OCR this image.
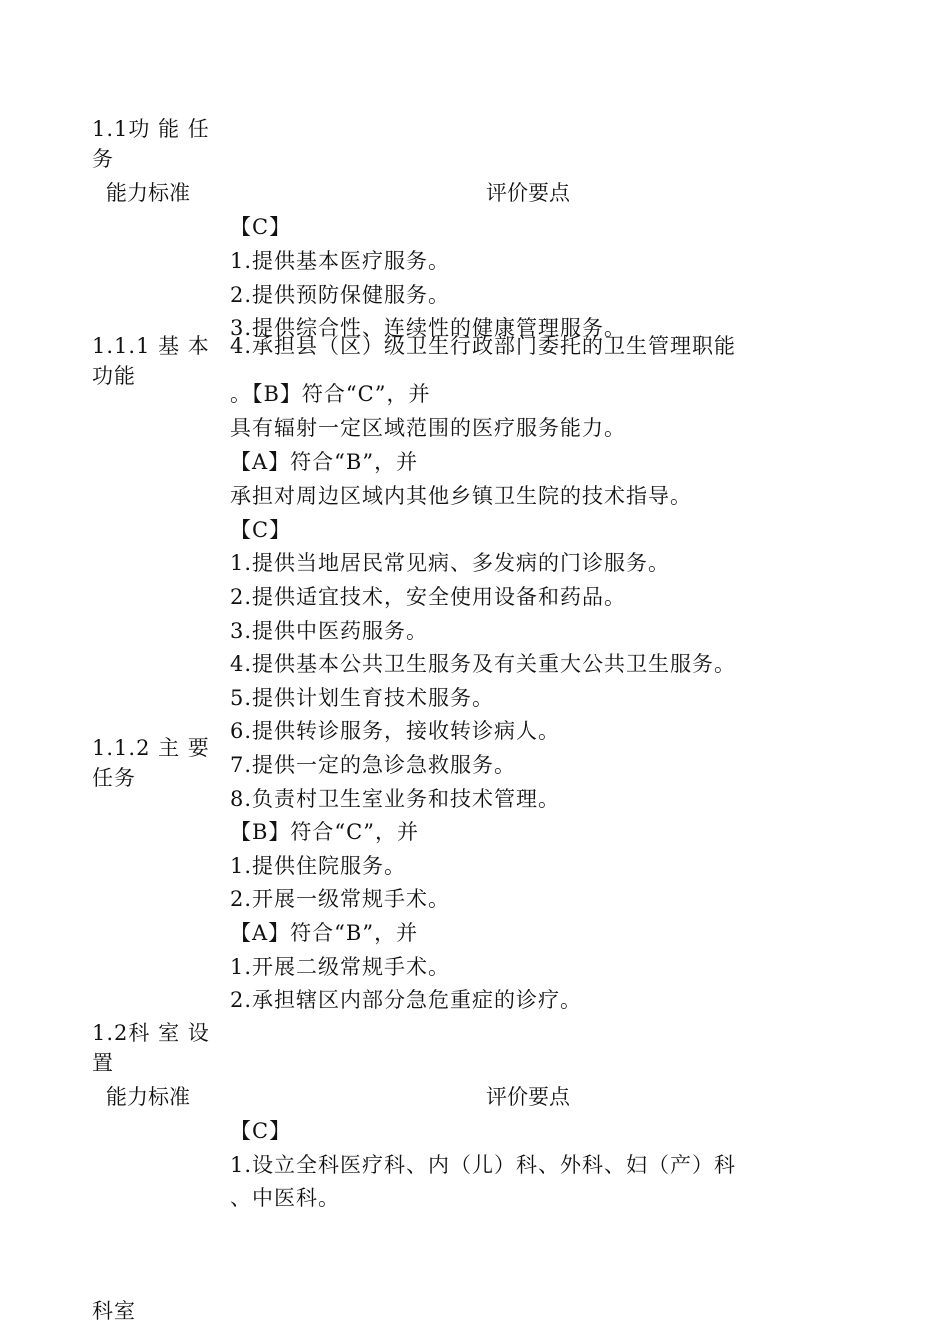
1.1功 能 任
务
能力标准	评价要点
1.1.1 基 本
功能
【C】
1.提供基本医疗服务。
2.提供预防保健服务。
3.提供综合性、连续性的健康管理服务。
4.承担县（区）级卫生行政部门委托的卫生管理职能
。【B】符合“C”，并
具有辐射一定区域范围的医疗服务能力。
【A】符合“B”，并
承担对周边区域内其他乡镇卫生院的技术指导。
1.1.2 主 要
任务
【C】
1.提供当地居民常见病、多发病的门诊服务。
2.提供适宜技术，安全使用设备和药品。
3.提供中医药服务。
4.提供基本公共卫生服务及有关重大公共卫生服务。
5.提供计划生育技术服务。
6.提供转诊服务，接收转诊病人。
7.提供一定的急诊急救服务。
8.负责村卫生室业务和技术管理。
【B】符合“C”，并
1.提供住院服务。
2.开展一级常规手术。
【A】符合“B”，并
1.开展二级常规手术。
2.承担辖区内部分急危重症的诊疗。
1.2科 室 设
置
能力标准	评价要点
【C】
1.设立全科医疗科、内（儿）科、外科、妇（产）科
、中医科。
科室
